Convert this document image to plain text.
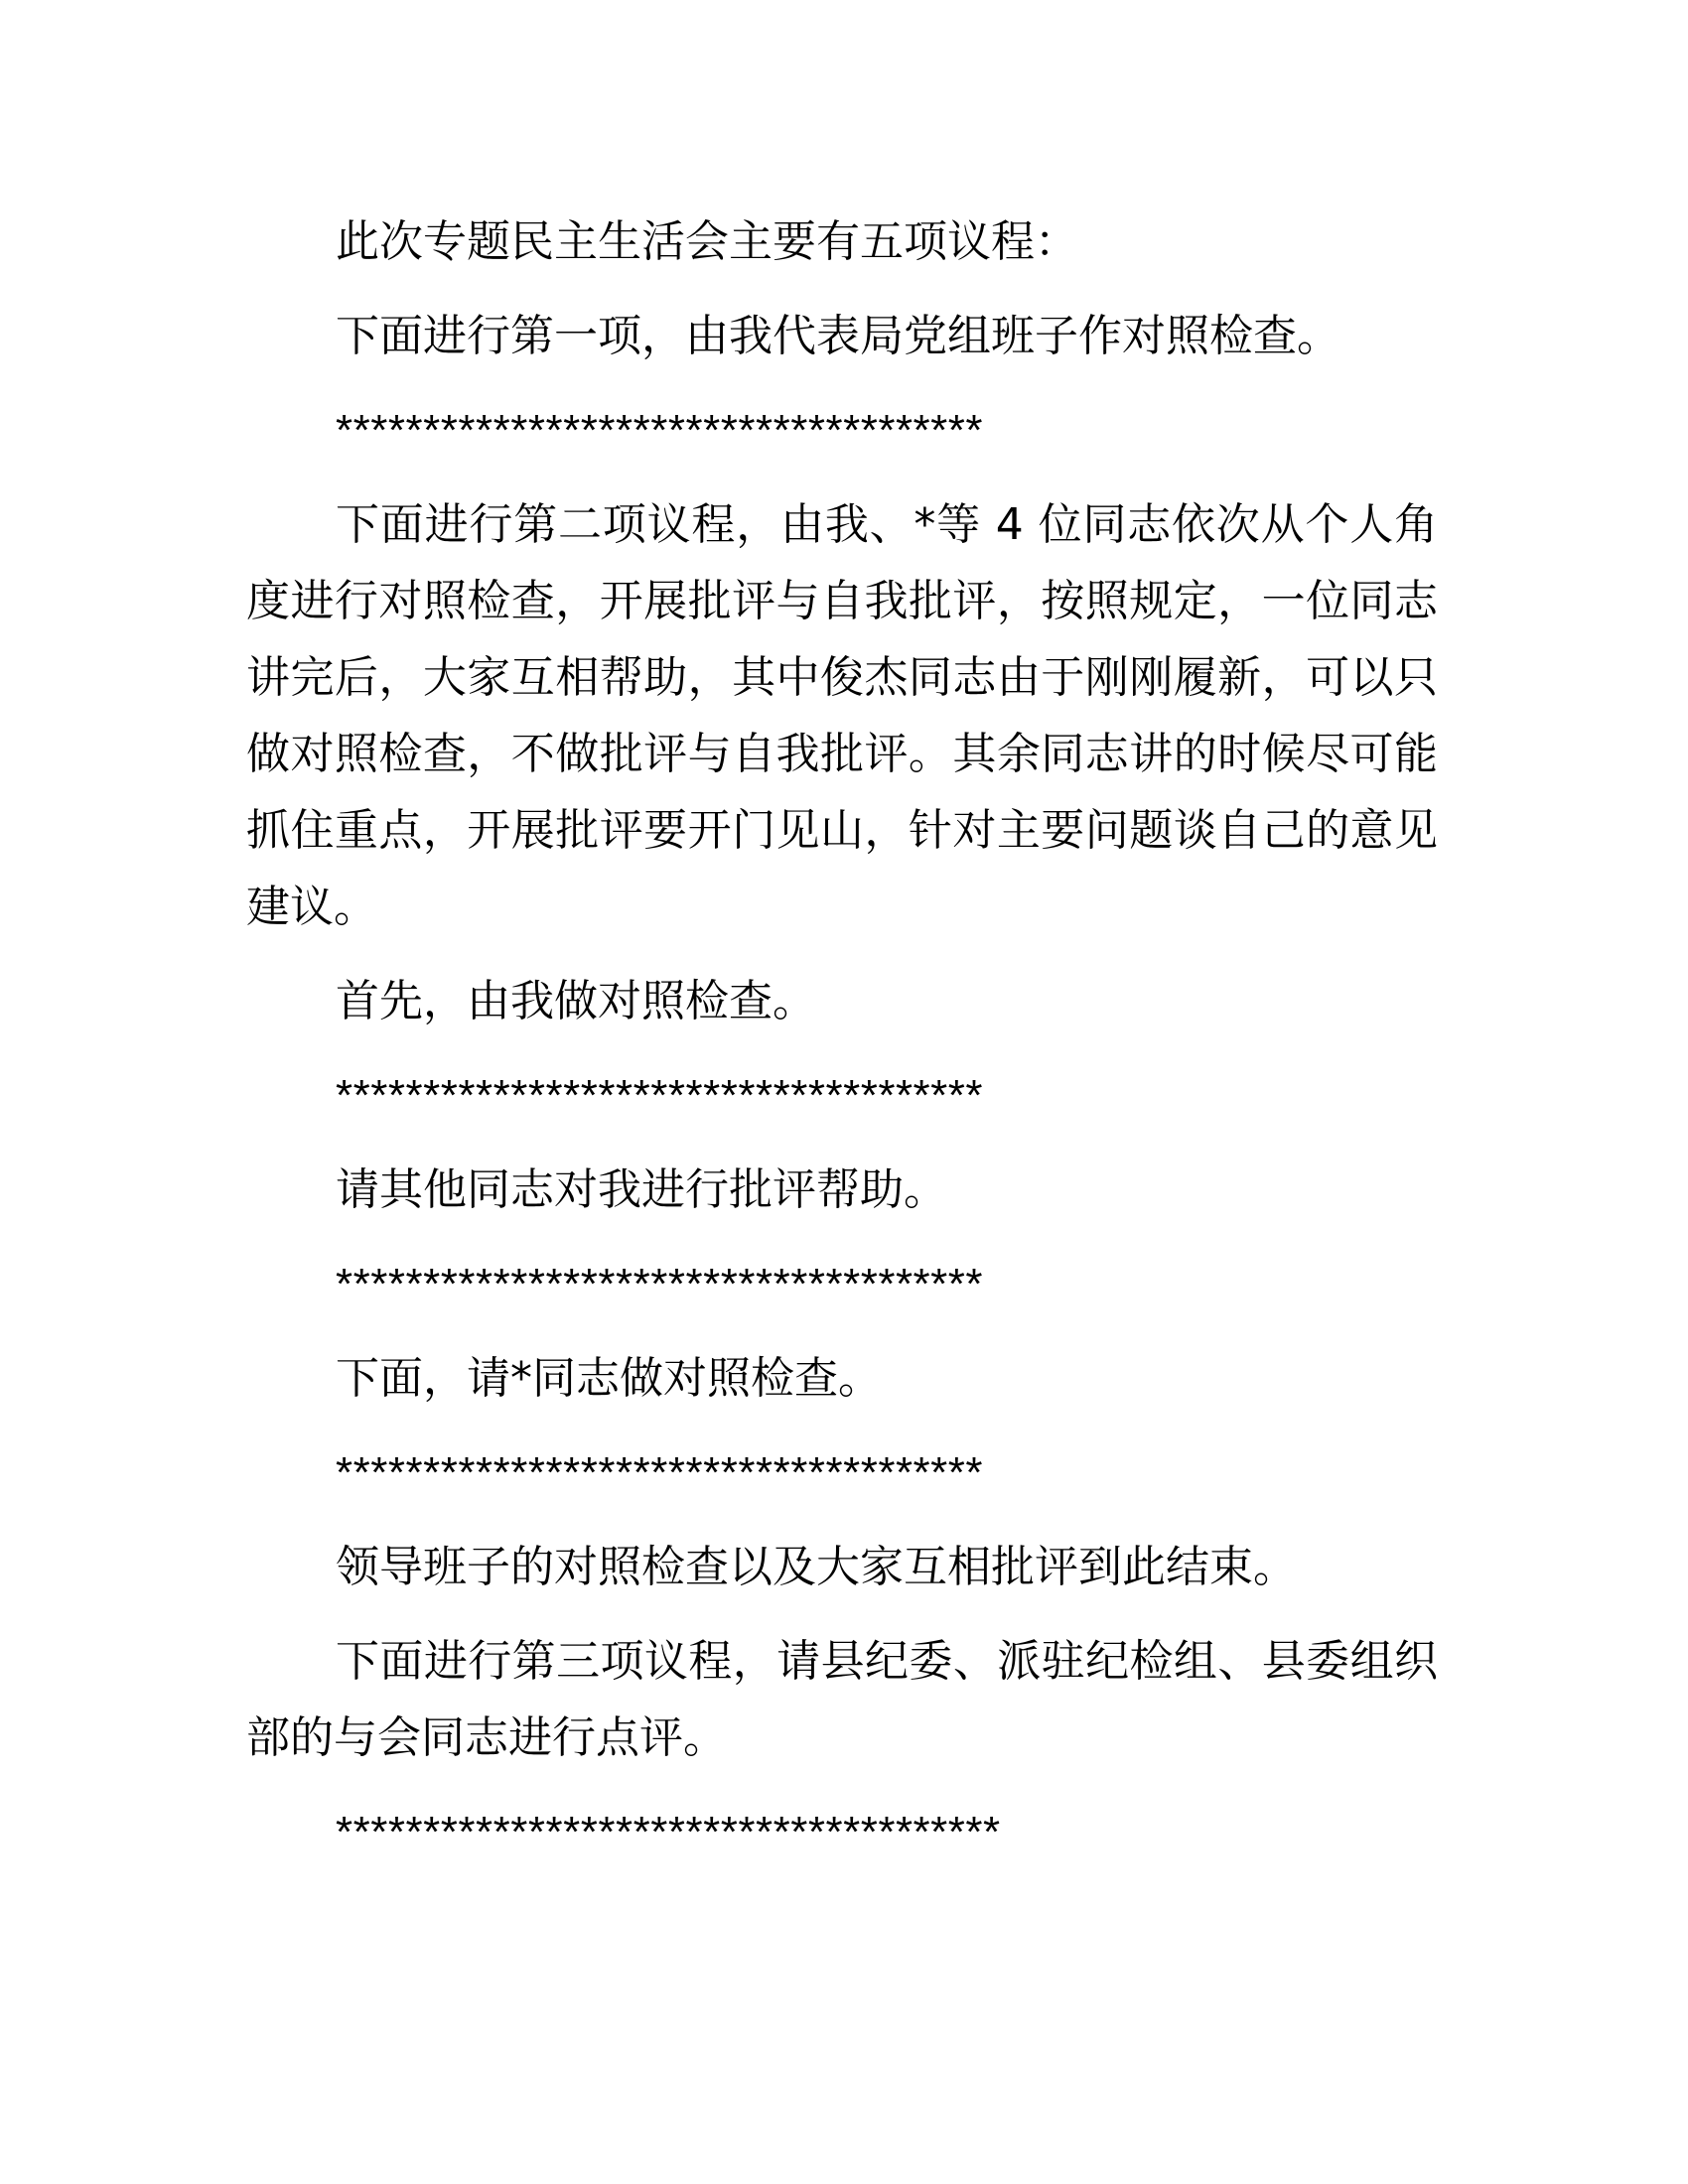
此次专题民主生活会主要有五项议程：

下面进行第一项，由我代表局党组班子作对照检查。

*************************************

下面进行第二项议程，由我、*等 4 位同志依次从个人角度进行对照检查，开展批评与自我批评，按照规定，一位同志讲完后，大家互相帮助，其中俊杰同志由于刚刚履新，可以只做对照检查，不做批评与自我批评。其余同志讲的时候尽可能抓住重点，开展批评要开门见山，针对主要问题谈自己的意见建议。

首先，由我做对照检查。

*************************************

请其他同志对我进行批评帮助。

*************************************

下面，请*同志做对照检查。

*************************************

领导班子的对照检查以及大家互相批评到此结束。

下面进行第三项议程，请县纪委、派驻纪检组、县委组织部的与会同志进行点评。

**************************************
